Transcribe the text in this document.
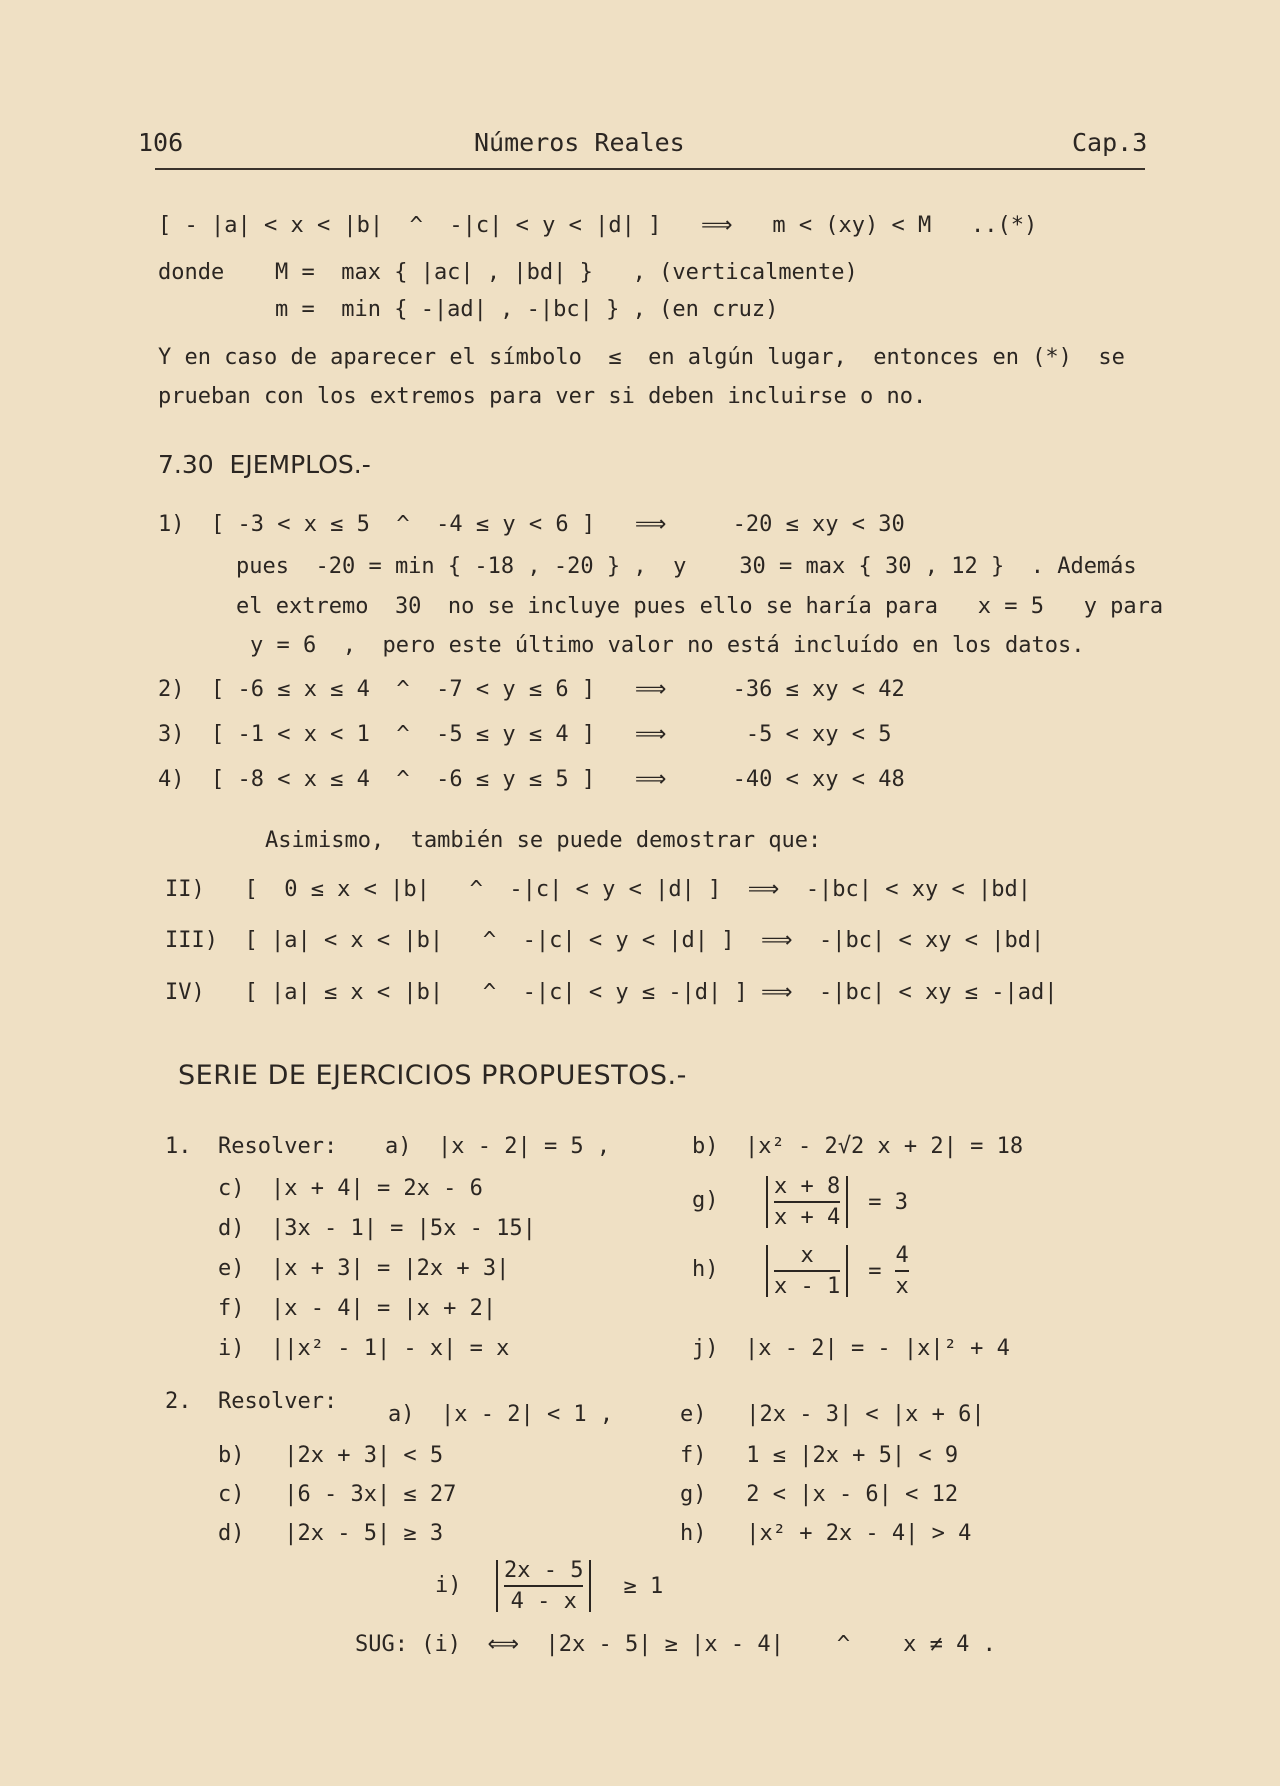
106	Números Reales	Cap.3
[ - |a| < x < |b|  ^  -|c| < y < |d| ]   ⟹   m < (xy) < M   ..(*)
donde M =  max { |ac| , |bd| }   , (verticalmente)
m =  min { -|ad| , -|bc| } , (en cruz)
Y en caso de aparecer el símbolo  ≤  en algún lugar,  entonces en (*)  se
prueban con los extremos para ver si deben incluirse o no.
7.30  EJEMPLOS.-
1)  [ -3 < x ≤ 5  ^  -4 ≤ y < 6 ]   ⟹     -20 ≤ xy < 30
pues  -20 = min { -18 , -20 } ,  y    30 = max { 30 , 12 }  . Además
el extremo  30  no se incluye pues ello se haría para   x = 5   y para
y = 6  ,  pero este último valor no está incluído en los datos.
2)  [ -6 ≤ x ≤ 4  ^  -7 < y ≤ 6 ]   ⟹     -36 ≤ xy < 42
3)  [ -1 < x < 1  ^  -5 ≤ y ≤ 4 ]   ⟹      -5 < xy < 5
4)  [ -8 < x ≤ 4  ^  -6 ≤ y ≤ 5 ]   ⟹     -40 < xy < 48
Asimismo,  también se puede demostrar que:
II)   [  0 ≤ x < |b|   ^  -|c| < y < |d| ]  ⟹  -|bc| < xy < |bd|
III)  [ |a| < x < |b|   ^  -|c| < y < |d| ]  ⟹  -|bc| < xy < |bd|
IV)   [ |a| ≤ x < |b|   ^  -|c| < y ≤ -|d| ] ⟹  -|bc| < xy ≤ -|ad|
SERIE DE EJERCICIOS PROPUESTOS.-
1.  Resolver: a)  |x - 2| = 5 ,	b)  |x² - 2√2 x + 2| = 18
c)  |x + 4| = 2x - 6
d)  |3x - 1| = |5x - 15|
e)  |x + 3| = |2x + 3|
f)  |x - 4| = |x + 2|
g)
x + 8
x + 4
= 3
h)
x
x - 1
=
4
x
i)  ||x² - 1| - x| = x	j)  |x - 2| = - |x|² + 4
2.  Resolver:
a)  |x - 2| < 1 ,
b)   |2x + 3| < 5
c)   |6 - 3x| ≤ 27
d)   |2x - 5| ≥ 3
e)   |2x - 3| < |x + 6|
f)   1 ≤ |2x + 5| < 9
g)   2 < |x - 6| < 12
h)   |x² + 2x - 4| > 4
i)
2x - 5
4 - x
≥ 1
SUG: (i)  ⟺  |2x - 5| ≥ |x - 4|    ^    x ≠ 4 .
